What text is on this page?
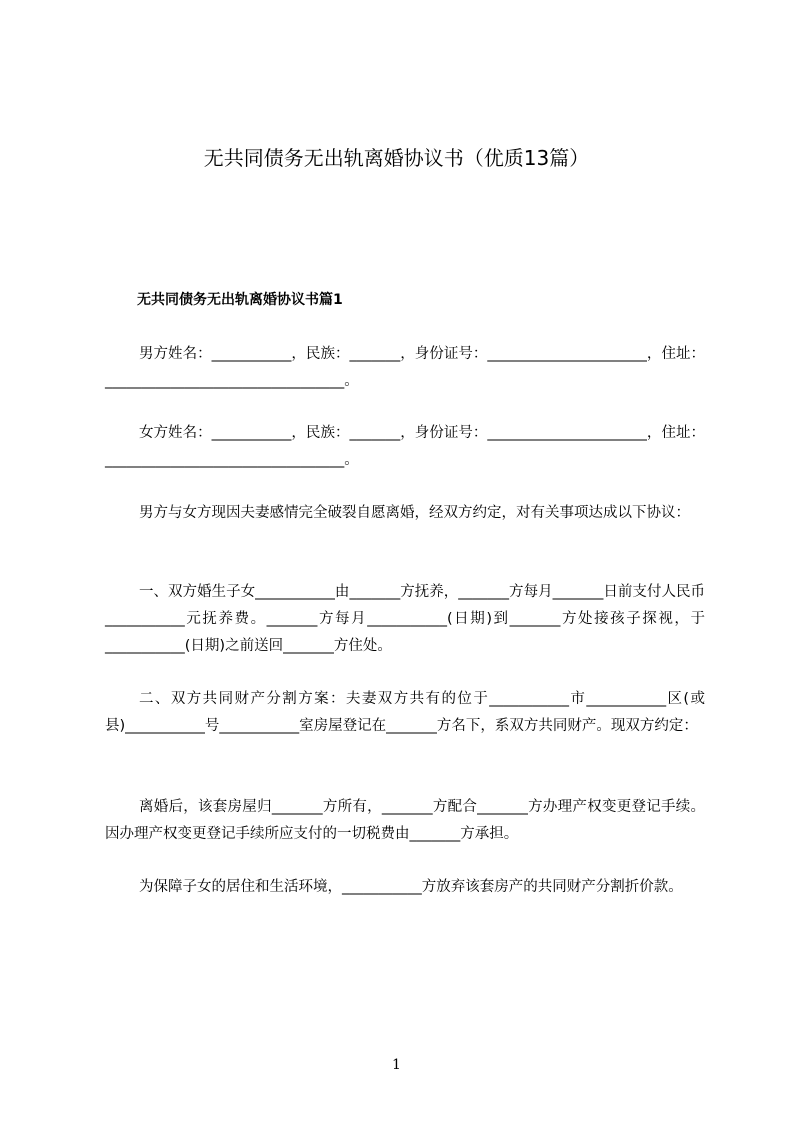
无共同债务无出轨离婚协议书（优质13篇）
无共同债务无出轨离婚协议书篇1

男方姓名：___________，民族：_______，身份证号：______________________，住址：_________________________________。

女方姓名：___________，民族：_______，身份证号：______________________，住址：_________________________________。

男方与女方现因夫妻感情完全破裂自愿离婚，经双方约定，对有关事项达成以下协议：

一、双方婚生子女___________由_______方抚养，_______方每月_______日前支付人民币___________元抚养费。_______方每月___________(日期)到_______方处接孩子探视，于___________(日期)之前送回_______方住处。

二、双方共同财产分割方案：夫妻双方共有的位于___________市___________区(或县)___________号___________室房屋登记在_______方名下，系双方共同财产。现双方约定：

离婚后，该套房屋归_______方所有，_______方配合_______方办理产权变更登记手续。因办理产权变更登记手续所应支付的一切税费由_______方承担。

为保障子女的居住和生活环境，___________方放弃该套房产的共同财产分割折价款。

1
